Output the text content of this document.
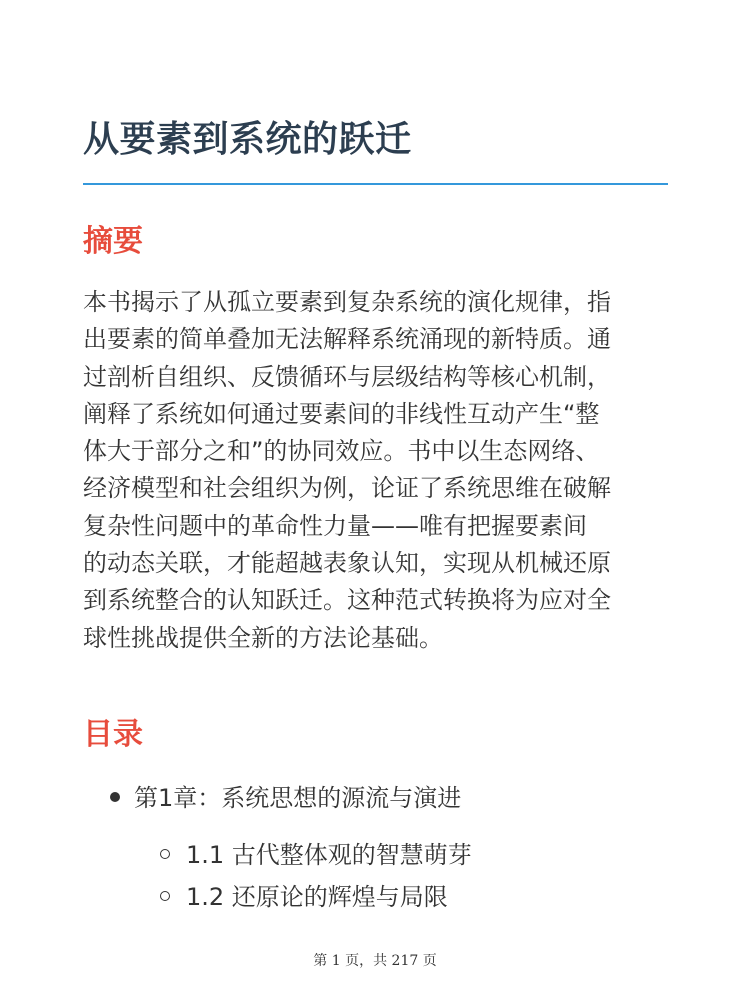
从要素到系统的跃迁
摘要

本书揭示了从孤立要素到复杂系统的演化规律，指
出要素的简单叠加无法解释系统涌现的新特质。通
过剖析自组织、反馈循环与层级结构等核心机制，
阐释了系统如何通过要素间的非线性互动产生“整
体大于部分之和”的协同效应。书中以生态网络、
经济模型和社会组织为例，论证了系统思维在破解
复杂性问题中的革命性力量——唯有把握要素间
的动态关联，才能超越表象认知，实现从机械还原
到系统整合的认知跃迁。这种范式转换将为应对全
球性挑战提供全新的方法论基础。

目录
第1章：系统思想的源流与演进
1.1 古代整体观的智慧萌芽
1.2 还原论的辉煌与局限
第 1 页，共 217 页
